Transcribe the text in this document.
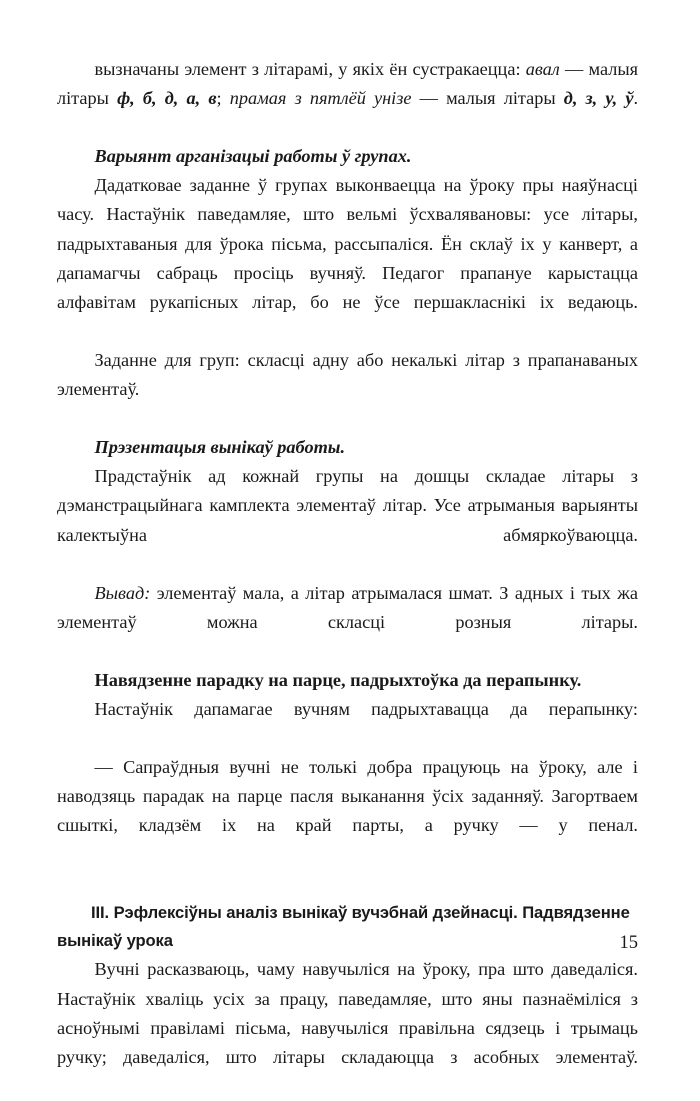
вызначаны элемент з літарамі, у якіх ён сустракаецца: авал — малыя літары ф, б, д, а, в; прамая з пятлёй унізе — малыя літары д, з, у, ў.

Варыянт арганізацыі работы ў групах.

Дадатковае заданне ў групах выконваецца на ўроку пры наяўнасці часу. Настаўнік паведамляе, што вельмі ўсхвалявановы: усе літары, падрыхтаваныя для ўрока пісьма, рассыпаліся. Ён склаў іх у канверт, а дапамагчы сабраць просіць вучняў. Педагог прапануе карыстацца алфавітам рукапісных літар, бо не ўсе першакласнікі іх ведаюць.

Заданне для груп: скласці адну або некалькі літар з прапанаваных элементаў.

Прэзентацыя вынікаў работы.

Прадстаўнік ад кожнай групы на дошцы складае літары з дэманстрацыйнага камплекта элементаў літар. Усе атрыманыя варыянты калектыўна абмяркоўваюцца.

Вывад: элементаў мала, а літар атрымалася шмат. З адных і тых жа элементаў можна скласці розныя літары.

Навядзенне парадку на парце, падрыхтоўка да перапынку.

Настаўнік дапамагае вучням падрыхтавацца да перапынку:

— Сапраўдныя вучні не толькі добра працуюць на ўроку, але і наводзяць парадак на парце пасля выканання ўсіх заданняў. Загортваем сшыткі, кладзём іх на край парты, а ручку — у пенал.

III. Рэфлексіўны аналіз вынікаў вучэбнай дзейнасці. Падвядзенне вынікаў урока

Вучні расказваюць, чаму навучыліся на ўроку, пра што даведаліся. Настаўнік хваліць усіх за працу, паведамляе, што яны пазнаёміліся з асноўнымі правіламі пісьма, навучыліся правільна сядзець і трымаць ручку; даведаліся, што літары складаюцца з асобных элементаў.

15
